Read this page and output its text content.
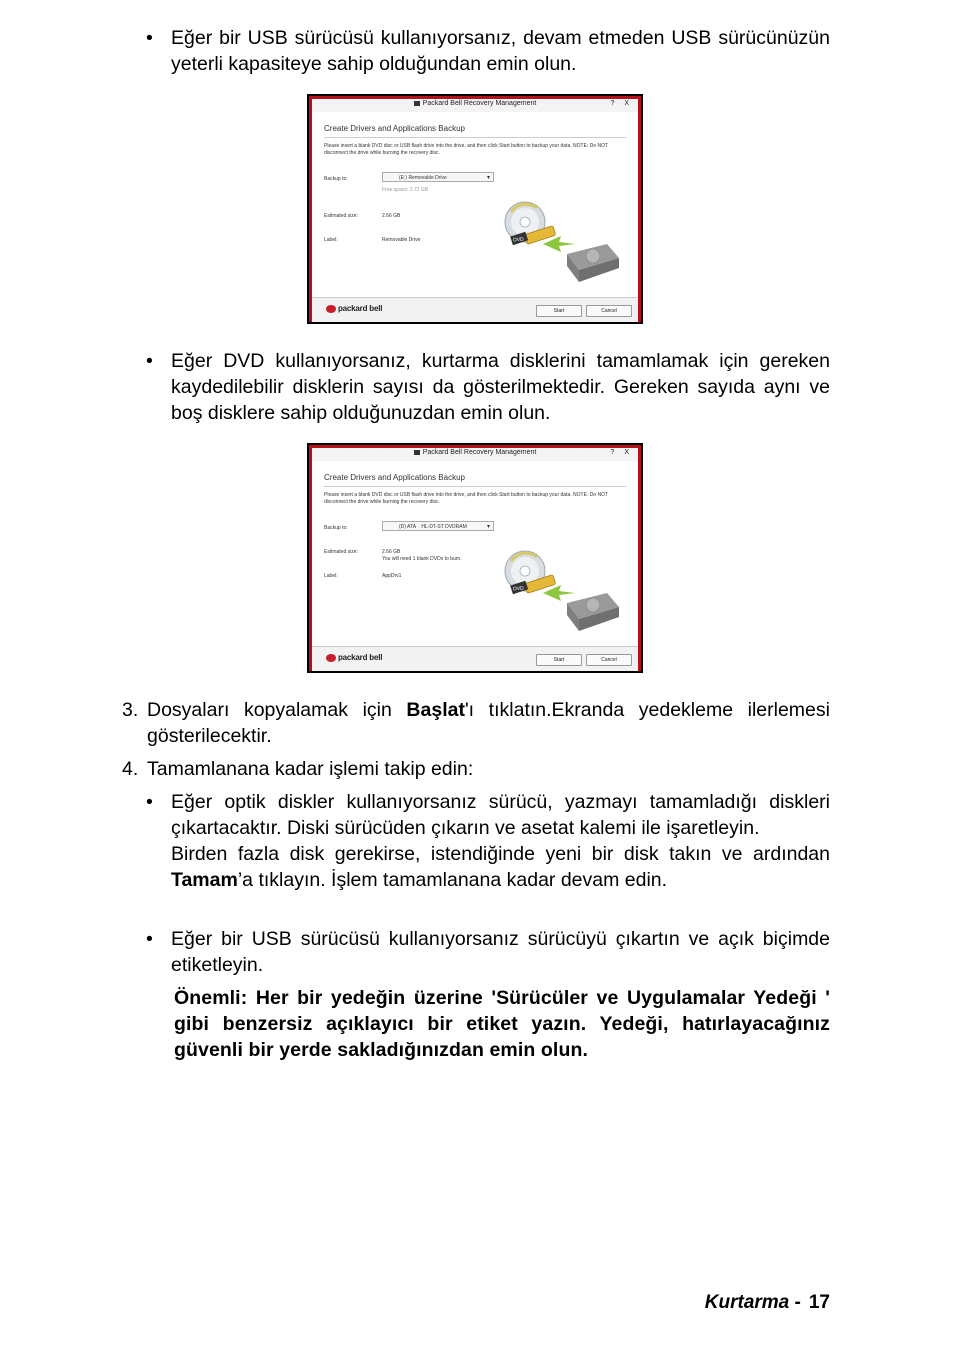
• Eğer bir USB sürücüsü kullanıyorsanız, devam etmeden USB sürücünüzün yeterli kapasiteye sahip olduğundan emin olun.
Packard Bell Recovery Management	? X
Create Drivers and Applications Backup
Please insert a blank DVD disc or USB flash drive into the drive, and then click Start button to backup your data. NOTE: Do NOT disconnect the drive while burning the recovery disc.
Backup to:	(E:) Removable Drive	▾
Free space: 3.72 GB
Estimated size:	2.66 GB
Label:	Removable Drive	DVD
packard bell	Start	Cancel
• Eğer DVD kullanıyorsanız, kurtarma disklerini tamamlamak için gereken kaydedilebilir disklerin sayısı da gösterilmektedir. Gereken sayıda aynı ve boş disklere sahip olduğunuzdan emin olun.
Packard Bell Recovery Management	? X
Create Drivers and Applications Backup
Please insert a blank DVD disc or USB flash drive into the drive, and then click Start button to backup your data. NOTE: Do NOT disconnect the drive while burning the recovery disc.
Backup to:	(D) ATA    HL-DT-ST DVDRAM	▾
Estimated size:	2.66 GB
You will need 1 blank DVDs to burn.
Label:	AppDrv1
DVD
packard bell	Start	Cancel
3. Dosyaları kopyalamak için Başlat'ı tıklatın.Ekranda yedekleme ilerlemesi gösterilecektir.
4. Tamamlanana kadar işlemi takip edin:
• Eğer optik diskler kullanıyorsanız sürücü, yazmayı tamamladığı diskleri çıkartacaktır. Diski sürücüden çıkarın ve asetat kalemi ile işaretleyin.
Birden fazla disk gerekirse, istendiğinde yeni bir disk takın ve ardından Tamam’a tıklayın. İşlem tamamlanana kadar devam edin.
• Eğer bir USB sürücüsü kullanıyorsanız sürücüyü çıkartın ve açık biçimde etiketleyin.
Önemli: Her bir yedeğin üzerine 'Sürücüler ve Uygulamalar Yedeği ' gibi benzersiz açıklayıcı bir etiket yazın. Yedeği, hatırlayacağınız güvenli bir yerde sakladığınızdan emin olun.
Kurtarma - 17
